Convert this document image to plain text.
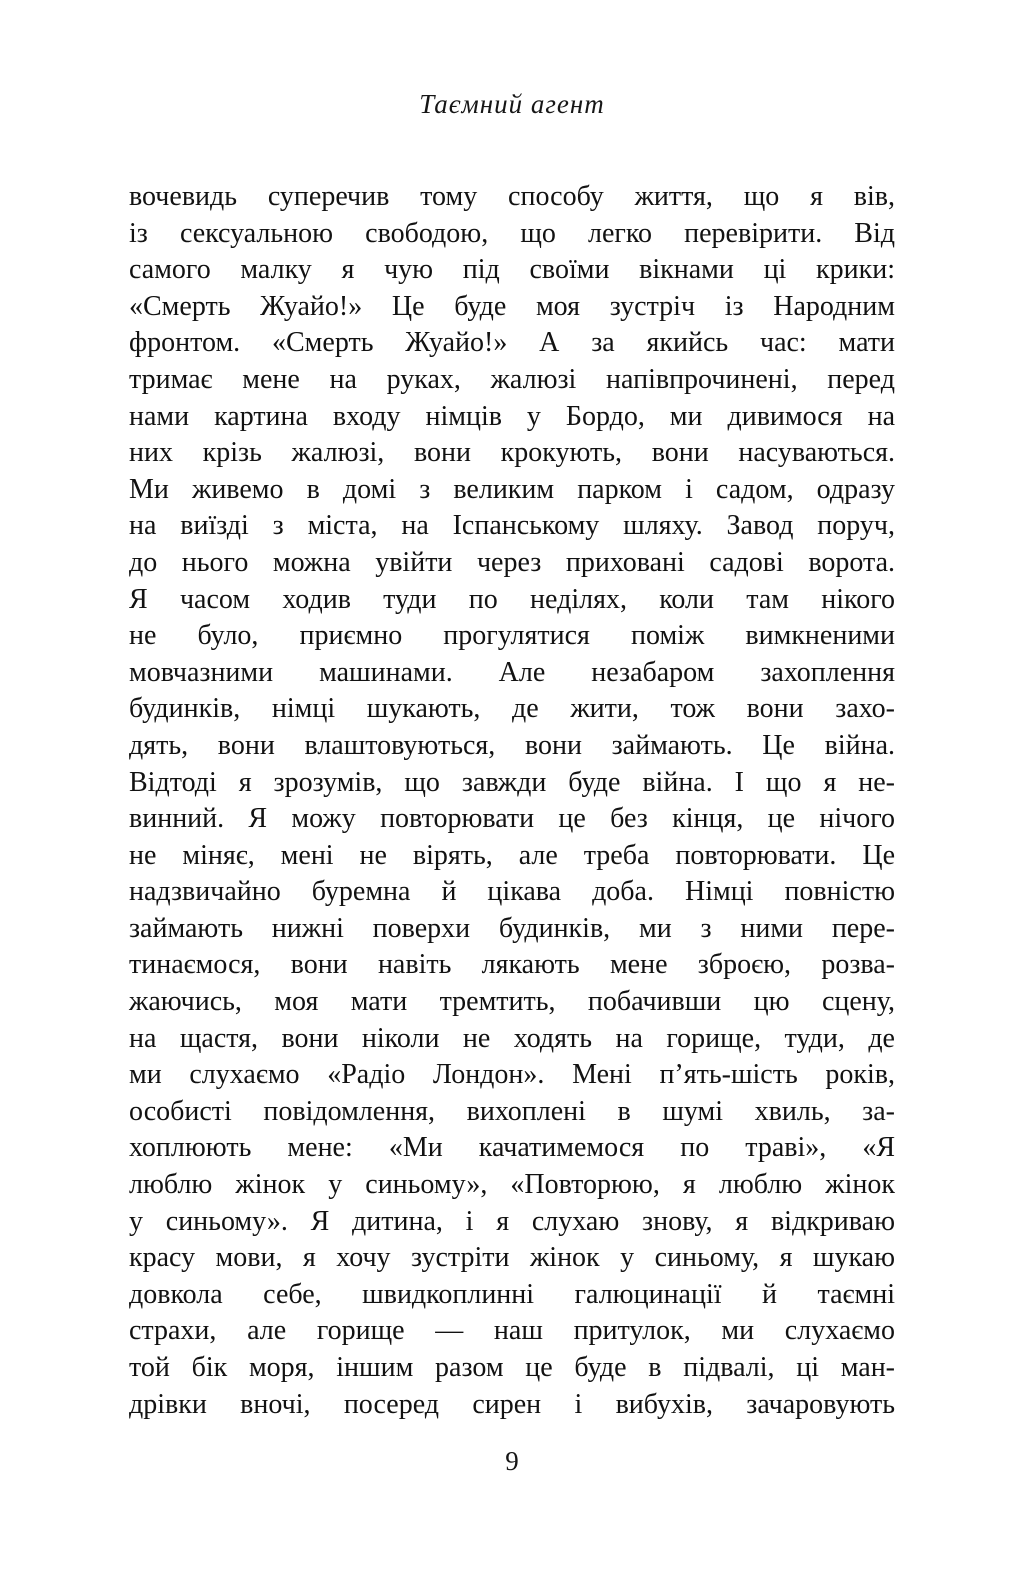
Таємний агент
вочевидь суперечив тому способу життя, що я вів,
із сексуальною свободою, що легко перевірити. Від
самого малку я чую під своїми вікнами ці крики:
«Смерть Жуайо!» Це буде моя зустріч із Народним
фронтом. «Смерть Жуайо!» А за якийсь час: мати
тримає мене на руках, жалюзі напівпрочинені, перед
нами картина входу німців у Бордо, ми дивимося на
них крізь жалюзі, вони крокують, вони насуваються.
Ми живемо в домі з великим парком і садом, одразу
на виїзді з міста, на Іспанському шляху. Завод поруч,
до нього можна увійти через приховані садові ворота.
Я часом ходив туди по неділях, коли там нікого
не було, приємно прогулятися поміж вимкненими
мовчазними машинами. Але незабаром захоплення
будинків, німці шукають, де жити, тож вони захо-
дять, вони влаштовуються, вони займають. Це війна.
Відтоді я зрозумів, що завжди буде війна. І що я не-
винний. Я можу повторювати це без кінця, це нічого
не міняє, мені не вірять, але треба повторювати. Це
надзвичайно буремна й цікава доба. Німці повністю
займають нижні поверхи будинків, ми з ними пере-
тинаємося, вони навіть лякають мене зброєю, розва-
жаючись, моя мати тремтить, побачивши цю сцену,
на щастя, вони ніколи не ходять на горище, туди, де
ми слухаємо «Радіо Лондон». Мені п’ять-шість років,
особисті повідомлення, вихоплені в шумі хвиль, за-
хоплюють мене: «Ми качатимемося по траві», «Я
люблю жінок у синьому», «Повторюю, я люблю жінок
у синьому». Я дитина, і я слухаю знову, я відкриваю
красу мови, я хочу зустріти жінок у синьому, я шукаю
довкола себе, швидкоплинні галюцинації й таємні
страхи, але горище — наш притулок, ми слухаємо
той бік моря, іншим разом це буде в підвалі, ці ман-
дрівки вночі, посеред сирен і вибухів, зачаровують
9
